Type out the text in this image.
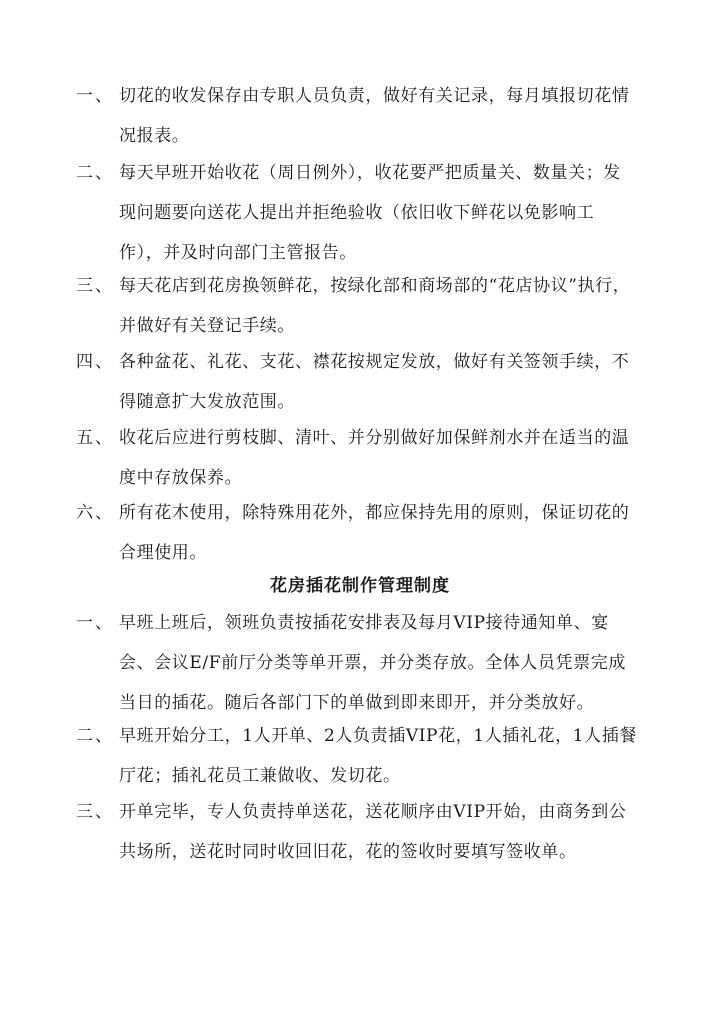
一、 切花的收发保存由专职人员负责，做好有关记录，每月填报切花情况报表。
二、 每天早班开始收花（周日例外），收花要严把质量关、数量关；发现问题要向送花人提出并拒绝验收（依旧收下鲜花以免影响工作），并及时向部门主管报告。
三、 每天花店到花房换领鲜花，按绿化部和商场部的“花店协议”执行，并做好有关登记手续。
四、 各种盆花、礼花、支花、襟花按规定发放，做好有关签领手续，不得随意扩大发放范围。
五、 收花后应进行剪枝脚、清叶、并分别做好加保鲜剂水并在适当的温度中存放保养。
六、 所有花木使用，除特殊用花外，都应保持先用的原则，保证切花的合理使用。
花房插花制作管理制度
一、 早班上班后，领班负责按插花安排表及每月VIP接待通知单、宴会、会议E/F前厅分类等单开票，并分类存放。全体人员凭票完成当日的插花。随后各部门下的单做到即来即开，并分类放好。
二、 早班开始分工，1人开单、2人负责插VIP花，1人插礼花，1人插餐厅花；插礼花员工兼做收、发切花。
三、 开单完毕，专人负责持单送花，送花顺序由VIP开始，由商务到公共场所，送花时同时收回旧花，花的签收时要填写签收单。
